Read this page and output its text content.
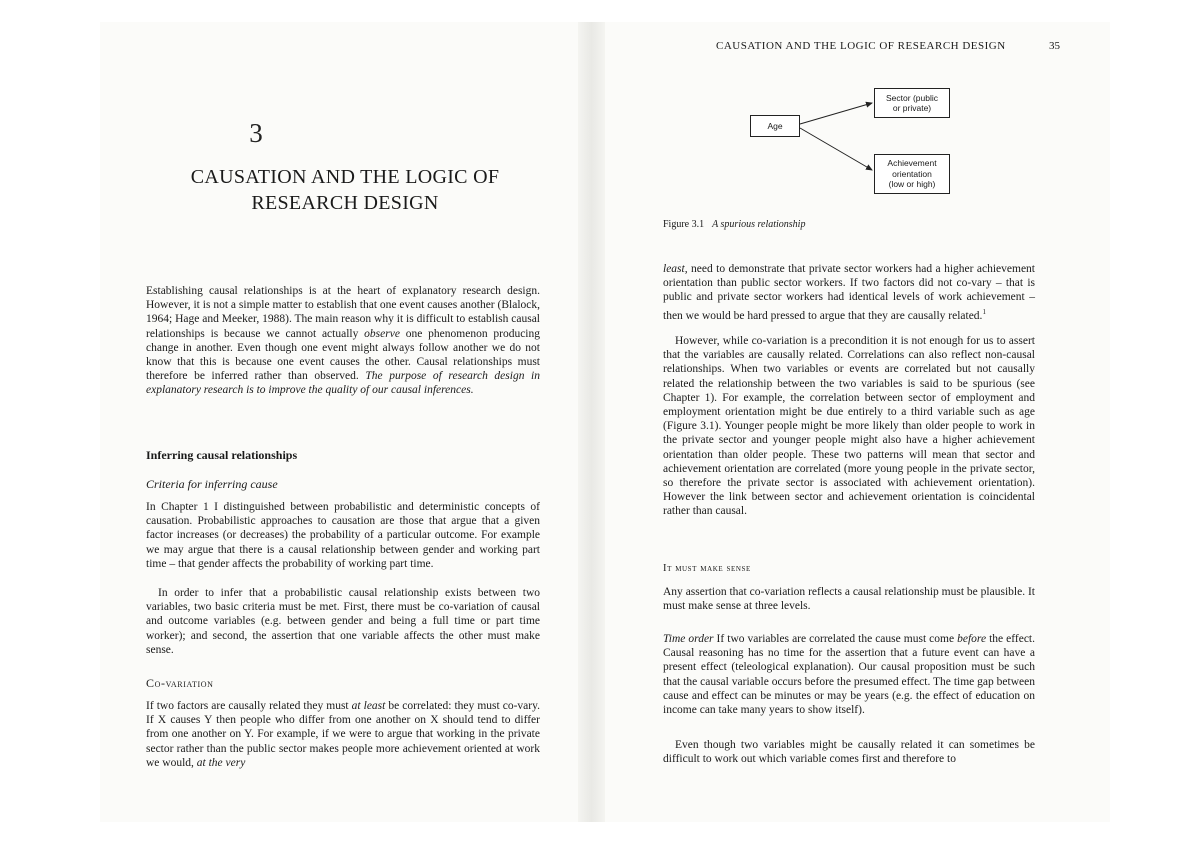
3
CAUSATION AND THE LOGIC OF
RESEARCH DESIGN

Establishing causal relationships is at the heart of explanatory research design. However, it is not a simple matter to establish that one event causes another (Blalock, 1964; Hage and Meeker, 1988). The main reason why it is difficult to establish causal relationships is because we cannot actually observe one phenomenon producing change in another. Even though one event might always follow another we do not know that this is because one event causes the other. Causal relationships must therefore be inferred rather than observed. The purpose of research design in explanatory research is to improve the quality of our causal inferences.

Inferring causal relationships
Criteria for inferring cause

In Chapter 1 I distinguished between probabilistic and deterministic concepts of causation. Probabilistic approaches to causation are those that argue that a given factor increases (or decreases) the probability of a particular outcome. For example we may argue that there is a causal relationship between gender and working part time – that gender affects the probability of working part time.

In order to infer that a probabilistic causal relationship exists between two variables, two basic criteria must be met. First, there must be co-variation of causal and outcome variables (e.g. between gender and being a full time or part time worker); and second, the assertion that one variable affects the other must make sense.

Co-variation

If two factors are causally related they must at least be correlated: they must co-vary. If X causes Y then people who differ from one another on X should tend to differ from one another on Y. For example, if we were to argue that working in the private sector rather than the public sector makes people more achievement oriented at work we would, at the very

CAUSATION AND THE LOGIC OF RESEARCH DESIGN	35
Age
Sector (public
or private)
Achievement
orientation
(low or high)
Figure 3.1 A spurious relationship

least, need to demonstrate that private sector workers had a higher achievement orientation than public sector workers. If two factors did not co-vary – that is public and private sector workers had identical levels of work achievement – then we would be hard pressed to argue that they are causally related.$^1$

However, while co-variation is a precondition it is not enough for us to assert that the variables are causally related. Correlations can also reflect non-causal relationships. When two variables or events are correlated but not causally related the relationship between the two variables is said to be spurious (see Chapter 1). For example, the correlation between sector of employment and employment orientation might be due entirely to a third variable such as age (Figure 3.1). Younger people might be more likely than older people to work in the private sector and younger people might also have a higher achievement orientation than older people. These two patterns will mean that sector and achievement orientation are correlated (more young people in the private sector, so therefore the private sector is associated with achievement orientation). However the link between sector and achievement orientation is coincidental rather than causal.

It must make sense

Any assertion that co-variation reflects a causal relationship must be plausible. It must make sense at three levels.

Time order If two variables are correlated the cause must come before the effect. Causal reasoning has no time for the assertion that a future event can have a present effect (teleological explanation). Our causal proposition must be such that the causal variable occurs before the presumed effect. The time gap between cause and effect can be minutes or may be years (e.g. the effect of education on income can take many years to show itself).

Even though two variables might be causally related it can sometimes be difficult to work out which variable comes first and therefore to
